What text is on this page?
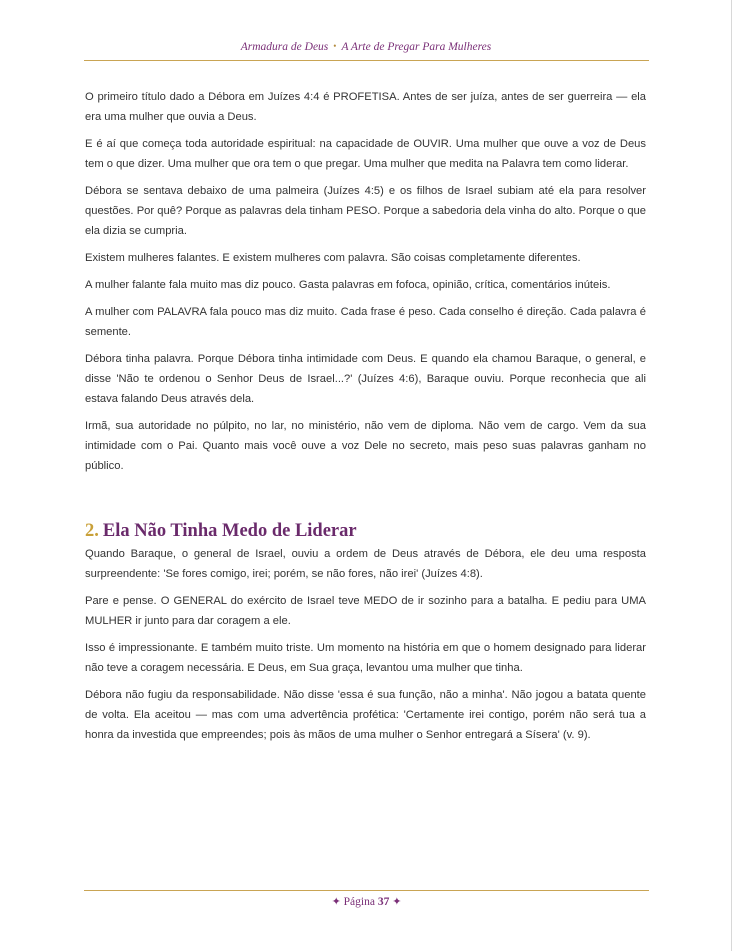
Armadura de Deus • A Arte de Pregar Para Mulheres

O primeiro título dado a Débora em Juízes 4:4 é PROFETISA. Antes de ser juíza, antes de ser guerreira — ela era uma mulher que ouvia a Deus.

E é aí que começa toda autoridade espiritual: na capacidade de OUVIR. Uma mulher que ouve a voz de Deus tem o que dizer. Uma mulher que ora tem o que pregar. Uma mulher que medita na Palavra tem como liderar.

Débora se sentava debaixo de uma palmeira (Juízes 4:5) e os filhos de Israel subiam até ela para resolver questões. Por quê? Porque as palavras dela tinham PESO. Porque a sabedoria dela vinha do alto. Porque o que ela dizia se cumpria.

Existem mulheres falantes. E existem mulheres com palavra. São coisas completamente diferentes.

A mulher falante fala muito mas diz pouco. Gasta palavras em fofoca, opinião, crítica, comentários inúteis.

A mulher com PALAVRA fala pouco mas diz muito. Cada frase é peso. Cada conselho é direção. Cada palavra é semente.

Débora tinha palavra. Porque Débora tinha intimidade com Deus. E quando ela chamou Baraque, o general, e disse 'Não te ordenou o Senhor Deus de Israel...?' (Juízes 4:6), Baraque ouviu. Porque reconhecia que ali estava falando Deus através dela.

Irmã, sua autoridade no púlpito, no lar, no ministério, não vem de diploma. Não vem de cargo. Vem da sua intimidade com o Pai. Quanto mais você ouve a voz Dele no secreto, mais peso suas palavras ganham no público.

2. Ela Não Tinha Medo de Liderar

Quando Baraque, o general de Israel, ouviu a ordem de Deus através de Débora, ele deu uma resposta surpreendente: 'Se fores comigo, irei; porém, se não fores, não irei' (Juízes 4:8).

Pare e pense. O GENERAL do exército de Israel teve MEDO de ir sozinho para a batalha. E pediu para UMA MULHER ir junto para dar coragem a ele.

Isso é impressionante. E também muito triste. Um momento na história em que o homem designado para liderar não teve a coragem necessária. E Deus, em Sua graça, levantou uma mulher que tinha.

Débora não fugiu da responsabilidade. Não disse 'essa é sua função, não a minha'. Não jogou a batata quente de volta. Ela aceitou — mas com uma advertência profética: 'Certamente irei contigo, porém não será tua a honra da investida que empreendes; pois às mãos de uma mulher o Senhor entregará a Sísera' (v. 9).

✦ Página 37 ✦
